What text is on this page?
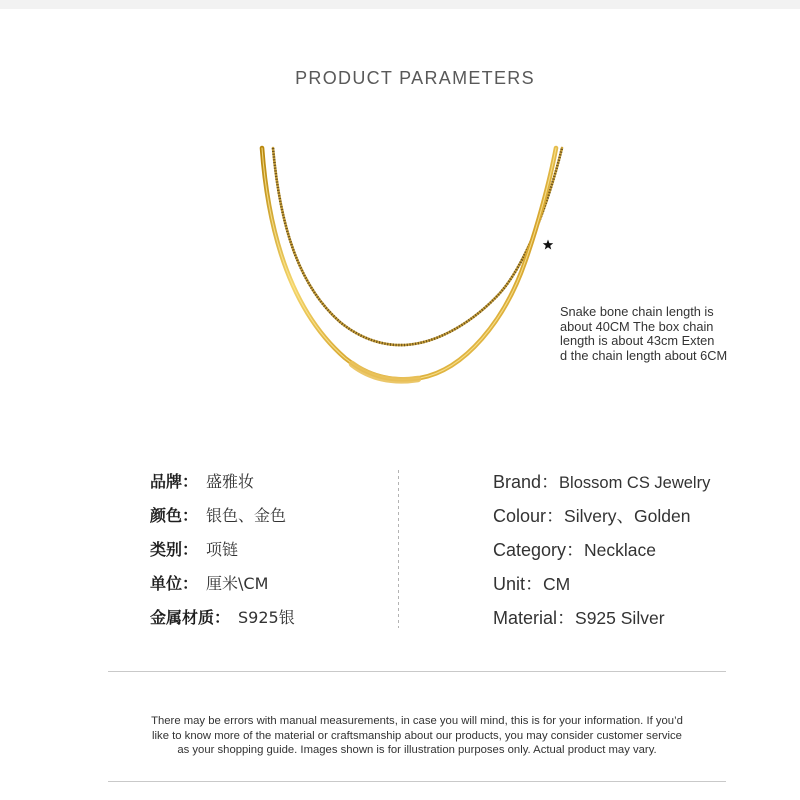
PRODUCT PARAMETERS
Snake bone chain length is
about 40CM The box chain
length is about 43cm Exten
d the chain length about 6CM
品牌： 盛雅妆
颜色： 银色、金色
类别： 项链
单位： 厘米\CM
金属材质： S925银
Brand：Blossom CS Jewelry
Colour：Silvery、Golden
Category：Necklace
Unit：CM
Material：S925 Silver
There may be errors with manual measurements, in case you will mind, this is for your information. If you’d
like to know more of the material or craftsmanship about our products, you may consider customer service
as your shopping guide. Images shown is for illustration purposes only. Actual product may vary.
